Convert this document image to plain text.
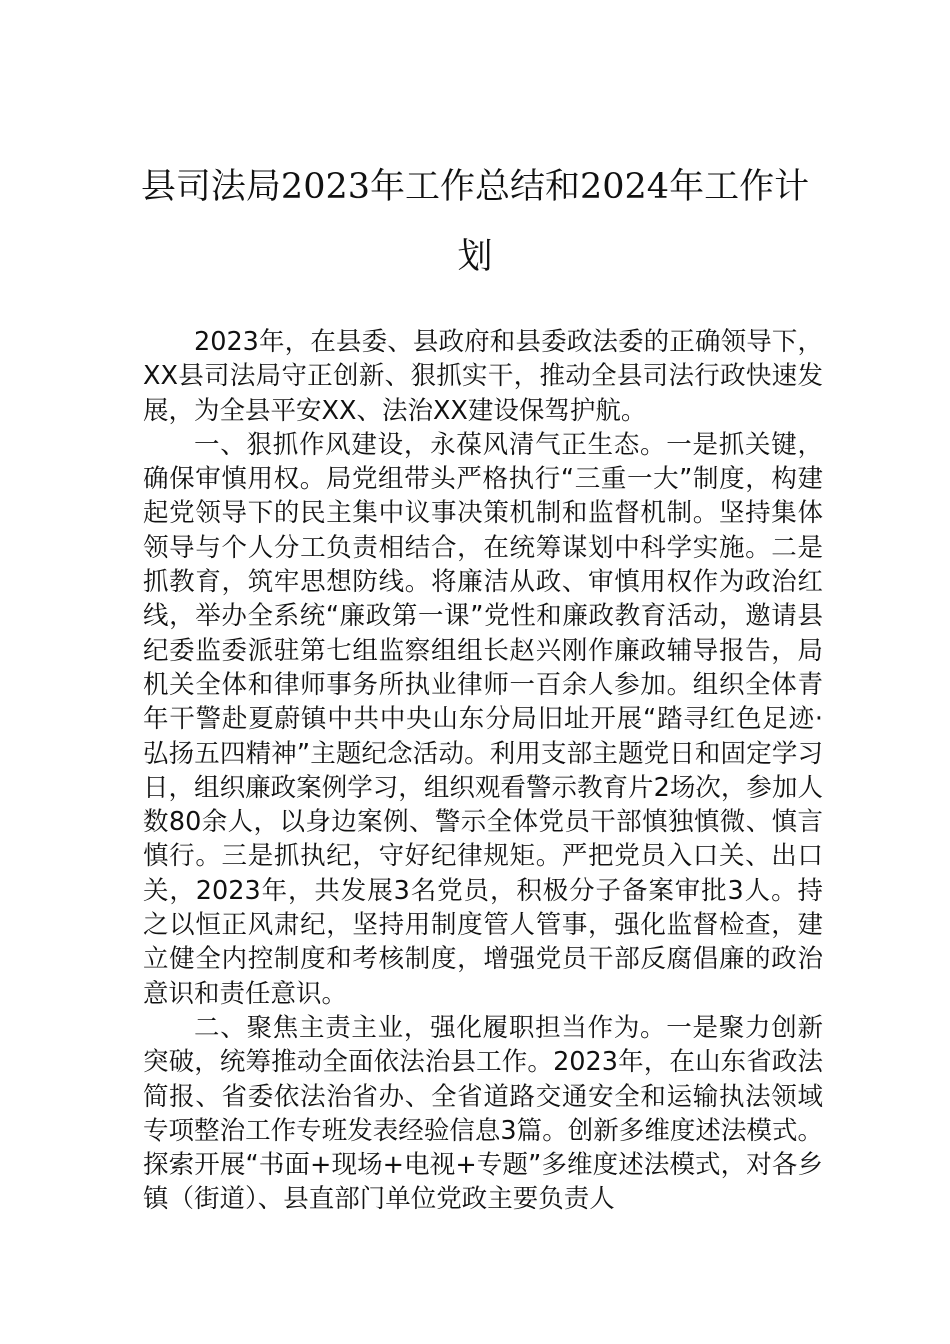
县司法局2023年工作总结和2024年工作计划

2023年，在县委、县政府和县委政法委的正确领导下，XX县司法局守正创新、狠抓实干，推动全县司法行政快速发展，为全县平安XX、法治XX建设保驾护航。

一、狠抓作风建设，永葆风清气正生态。一是抓关键，确保审慎用权。局党组带头严格执行“三重一大”制度，构建起党领导下的民主集中议事决策机制和监督机制。坚持集体领导与个人分工负责相结合，在统筹谋划中科学实施。二是抓教育，筑牢思想防线。将廉洁从政、审慎用权作为政治红线，举办全系统“廉政第一课”党性和廉政教育活动，邀请县纪委监委派驻第七组监察组组长赵兴刚作廉政辅导报告，局机关全体和律师事务所执业律师一百余人参加。组织全体青年干警赴夏蔚镇中共中央山东分局旧址开展“踏寻红色足迹·弘扬五四精神”主题纪念活动。利用支部主题党日和固定学习日，组织廉政案例学习，组织观看警示教育片2场次，参加人数80余人，以身边案例、警示全体党员干部慎独慎微、慎言慎行。三是抓执纪，守好纪律规矩。严把党员入口关、出口关，2023年，共发展3名党员，积极分子备案审批3人。持之以恒正风肃纪，坚持用制度管人管事，强化监督检查，建立健全内控制度和考核制度，增强党员干部反腐倡廉的政治意识和责任意识。

二、聚焦主责主业，强化履职担当作为。一是聚力创新突破，统筹推动全面依法治县工作。2023年，在山东省政法简报、省委依法治省办、全省道路交通安全和运输执法领域专项整治工作专班发表经验信息3篇。创新多维度述法模式。探索开展“书面+现场+电视+专题”多维度述法模式，对各乡镇（街道）、县直部门单位党政主要负责人
